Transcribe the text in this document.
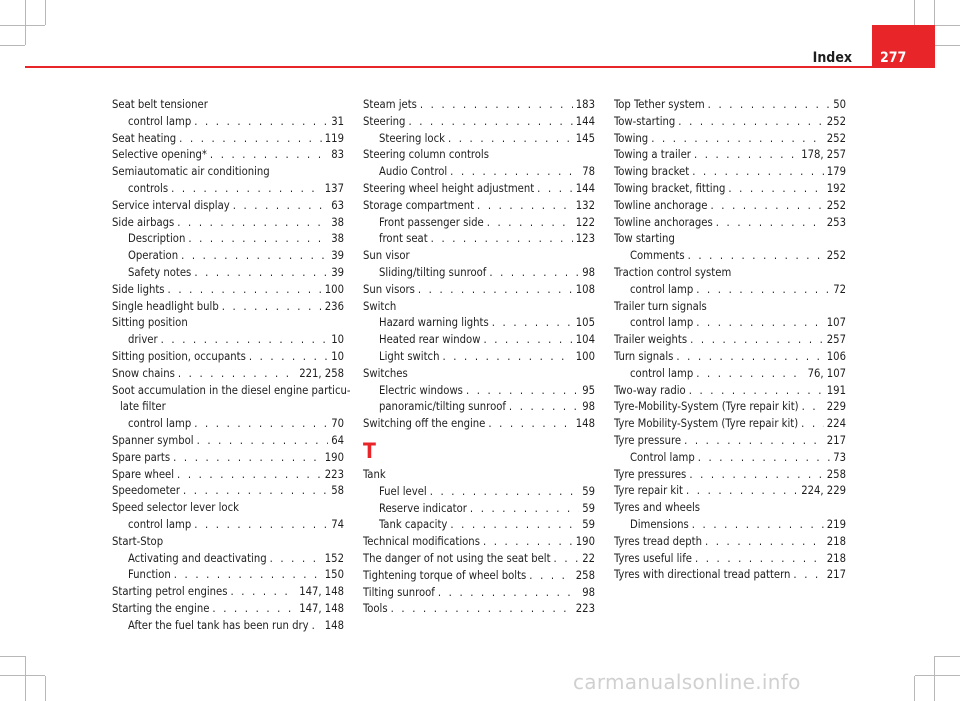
Index 277
Seat belt tensioner
control lamp . . .	31
Seat heating . . .	119
Selective opening* . . .	83
Semiautomatic air conditioning
controls . . .	137
Service interval display . . .	63
Side airbags . . .	38
Description . . .	38
Operation . . .	39
Safety notes . . .	39
Side lights . . .	100
Single headlight bulb . . .	236
Sitting position
driver . . .	10
Sitting position, occupants . . .	10
Snow chains . . .	221, 258
Soot accumulation in the diesel engine particu-
late filter
control lamp . . .	70
Spanner symbol . . .	64
Spare parts . . .	190
Spare wheel . . .	223
Speedometer . . .	58
Speed selector lever lock
control lamp . . .	74
Start-Stop
Activating and deactivating . . .	152
Function . . .	150
Starting petrol engines . . .	147, 148
Starting the engine . . .	147, 148
After the fuel tank has been run dry . . . 148
Steam jets . . .	183
Steering . . .	144
Steering lock . . .	145
Steering column controls
Audio Control . . .	78
Steering wheel height adjustment . . .	144
Storage compartment . . .	132
Front passenger side . . .	122
front seat . . .	123
Sun visor
Sliding/tilting sunroof . . .	98
Sun visors . . .	108
Switch
Hazard warning lights . . .	105
Heated rear window . . .	104
Light switch . . .	100
Switches
Electric windows . . .	95
panoramic/tilting sunroof . . .	98
Switching off the engine . . .	148
T
Tank
Fuel level . . .	59
Reserve indicator . . .	59
Tank capacity . . .	59
Technical modifications . . .	190
The danger of not using the seat belt . . .	22
Tightening torque of wheel bolts . . .	258
Tilting sunroof . . .	98
Tools . . .	223
Top Tether system . . .	50
Tow-starting . . .	252
Towing . . .	252
Towing a trailer . . .	178, 257
Towing bracket . . .	179
Towing bracket, fitting . . .	192
Towline anchorage . . .	252
Towline anchorages . . .	253
Tow starting
Comments . . .	252
Traction control system
control lamp . . .	72
Trailer turn signals
control lamp . . .	107
Trailer weights . . .	257
Turn signals . . .	106
control lamp . . .	76, 107
Two-way radio . . .	191
Tyre-Mobility-System (Tyre repair kit) . . .	229
Tyre Mobility-System (Tyre repair kit) . . .	224
Tyre pressure . . .	217
Control lamp . . .	73
Tyre pressures . . .	258
Tyre repair kit . . .	224, 229
Tyres and wheels
Dimensions . . .	219
Tyres tread depth . . .	218
Tyres useful life . . .	218
Tyres with directional tread pattern . . .	217
carmanualsonline.info
